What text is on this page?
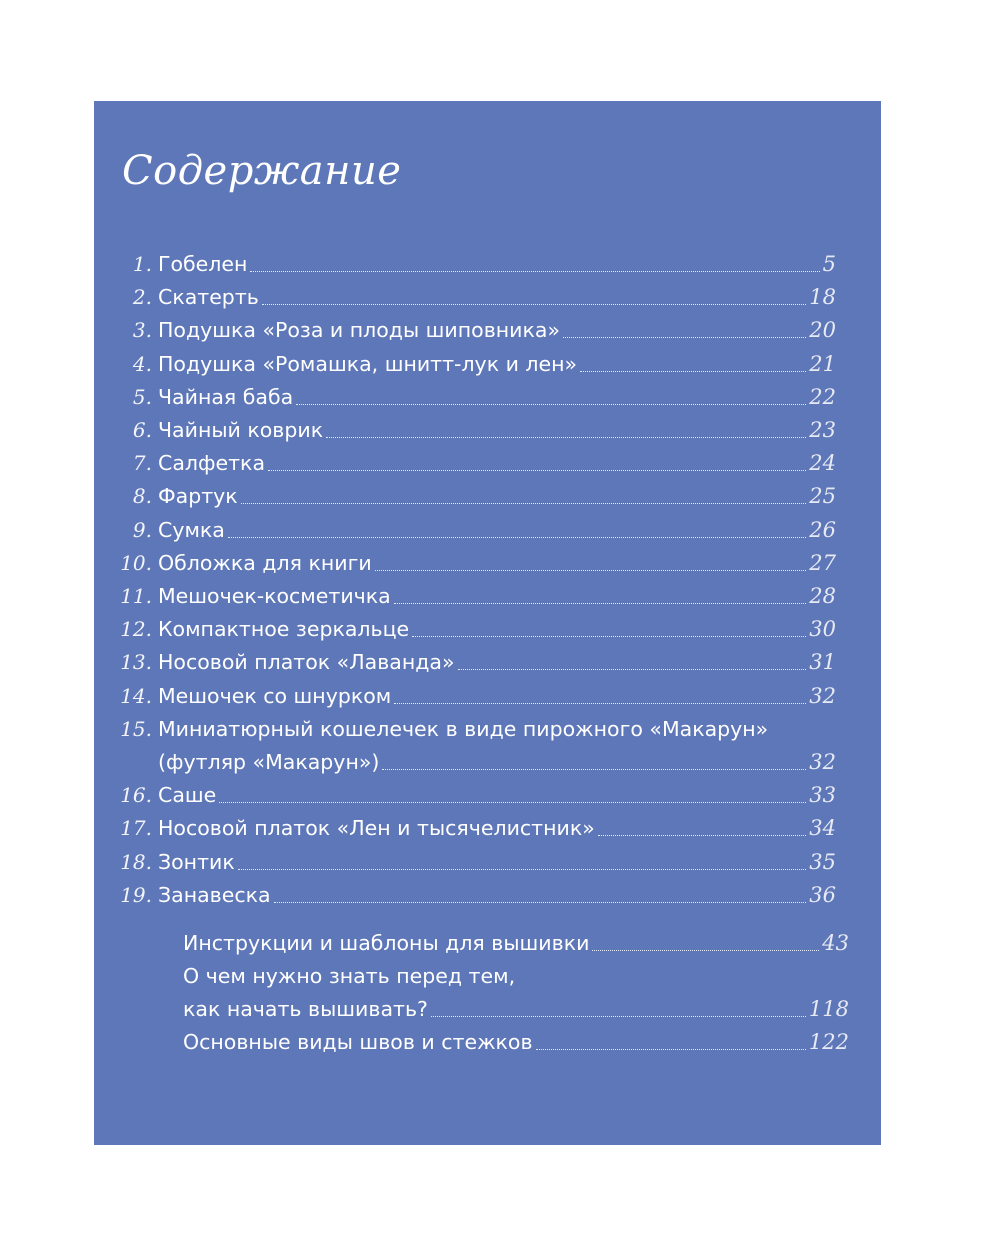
Содержание
1. Гобелен	5
2. Скатерть	18
3. Подушка «Роза и плоды шиповника»	20
4. Подушка «Ромашка, шнитт-лук и лен»	21
5. Чайная баба	22
6. Чайный коврик	23
7. Салфетка	24
8. Фартук	25
9. Сумка	26
10. Обложка для книги	27
11. Мешочек-косметичка	28
12. Компактное зеркальце	30
13. Носовой платок «Лаванда»	31
14. Мешочек со шнурком	32
15. Миниатюрный кошелечек в виде пирожного «Макарун»
(футляр «Макарун»)	32
16. Саше	33
17. Носовой платок «Лен и тысячелистник»	34
18. Зонтик	35
19. Занавеска	36
Инструкции и шаблоны для вышивки	43
О чем нужно знать перед тем,
как начать вышивать?	118
Основные виды швов и стежков	122
